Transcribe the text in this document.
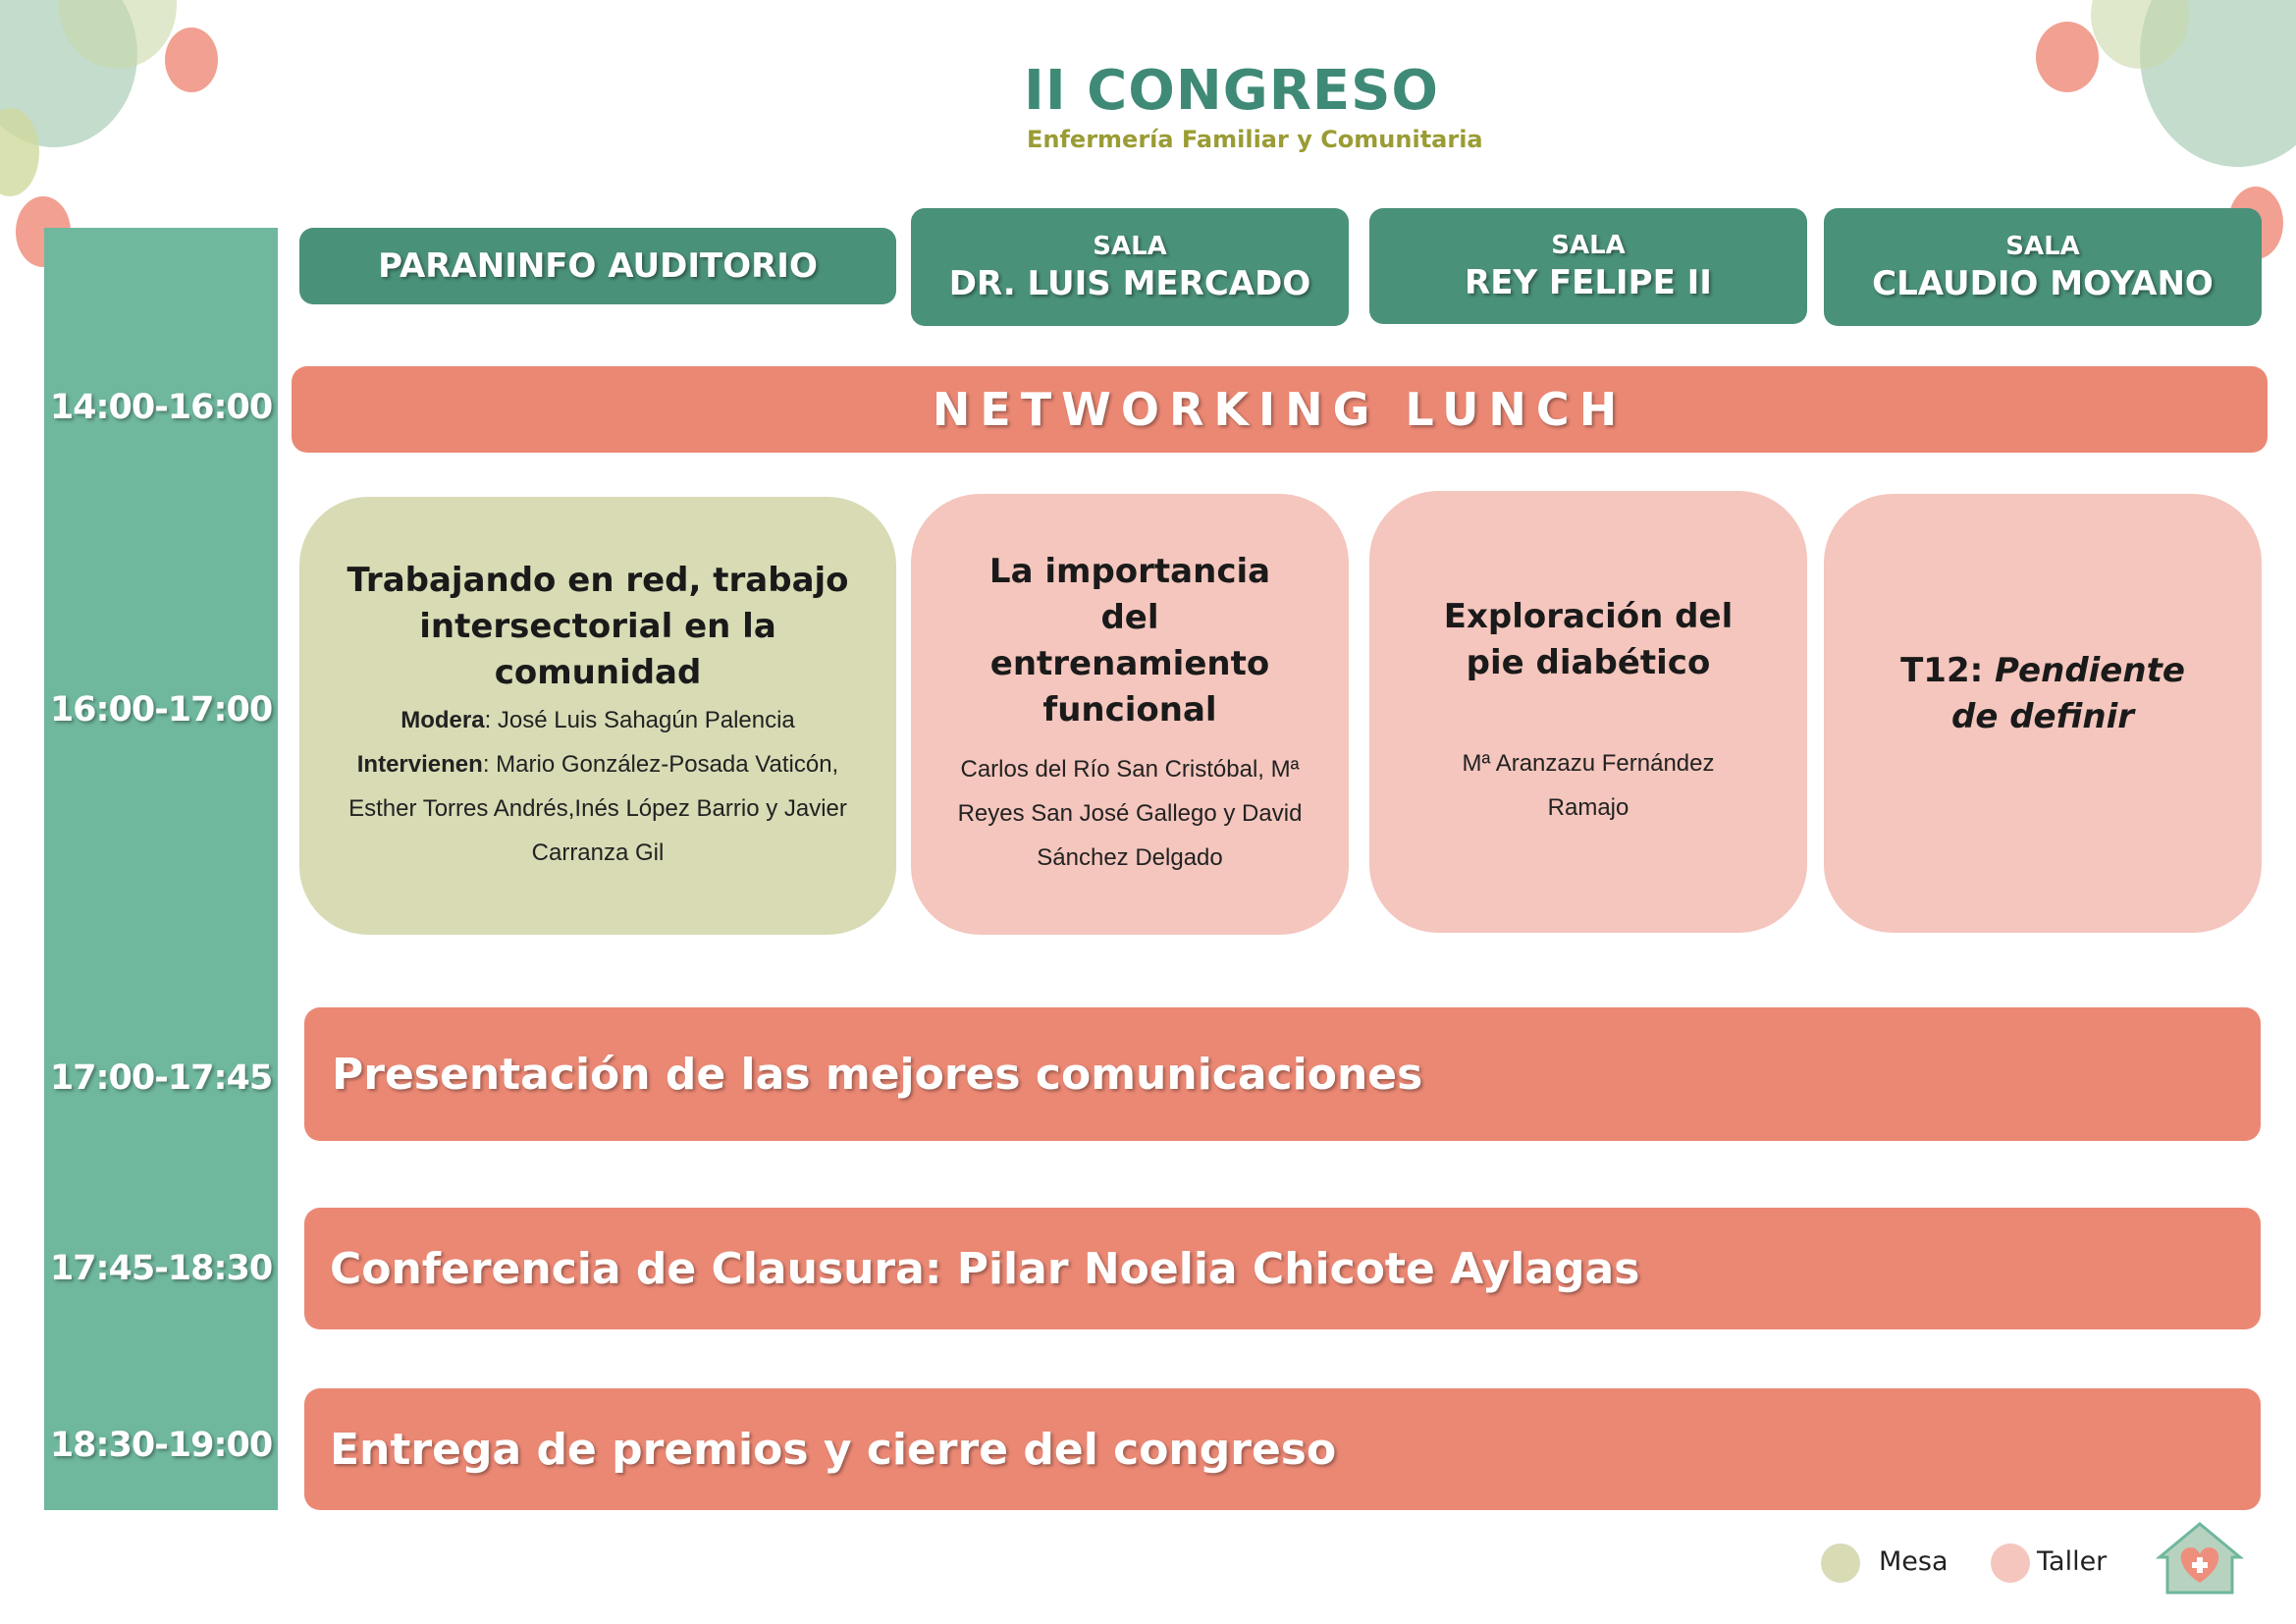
II CONGRESO
Enfermería Familiar y Comunitaria
14:00-16:00
16:00-17:00
17:00-17:45
17:45-18:30
18:30-19:00
PARANINFO AUDITORIO	SALA
DR. LUIS MERCADO
SALA
REY FELIPE II
SALA
CLAUDIO MOYANO
NETWORKING LUNCH
Trabajando en red, trabajo intersectorial en la comunidad
Modera: José Luis Sahagún Palencia
Intervienen: Mario González-Posada Vaticón, Esther Torres Andrés,Inés López Barrio y Javier Carranza Gil
La importancia del entrenamiento funcional
Carlos del Río San Cristóbal, Mª Reyes San José Gallego y David Sánchez Delgado
Exploración del pie diabético
Mª Aranzazu Fernández Ramajo
T12: Pendiente de definir
Presentación de las mejores comunicaciones
Conferencia de Clausura: Pilar Noelia Chicote Aylagas
Entrega de premios y cierre del congreso
Mesa	Taller
